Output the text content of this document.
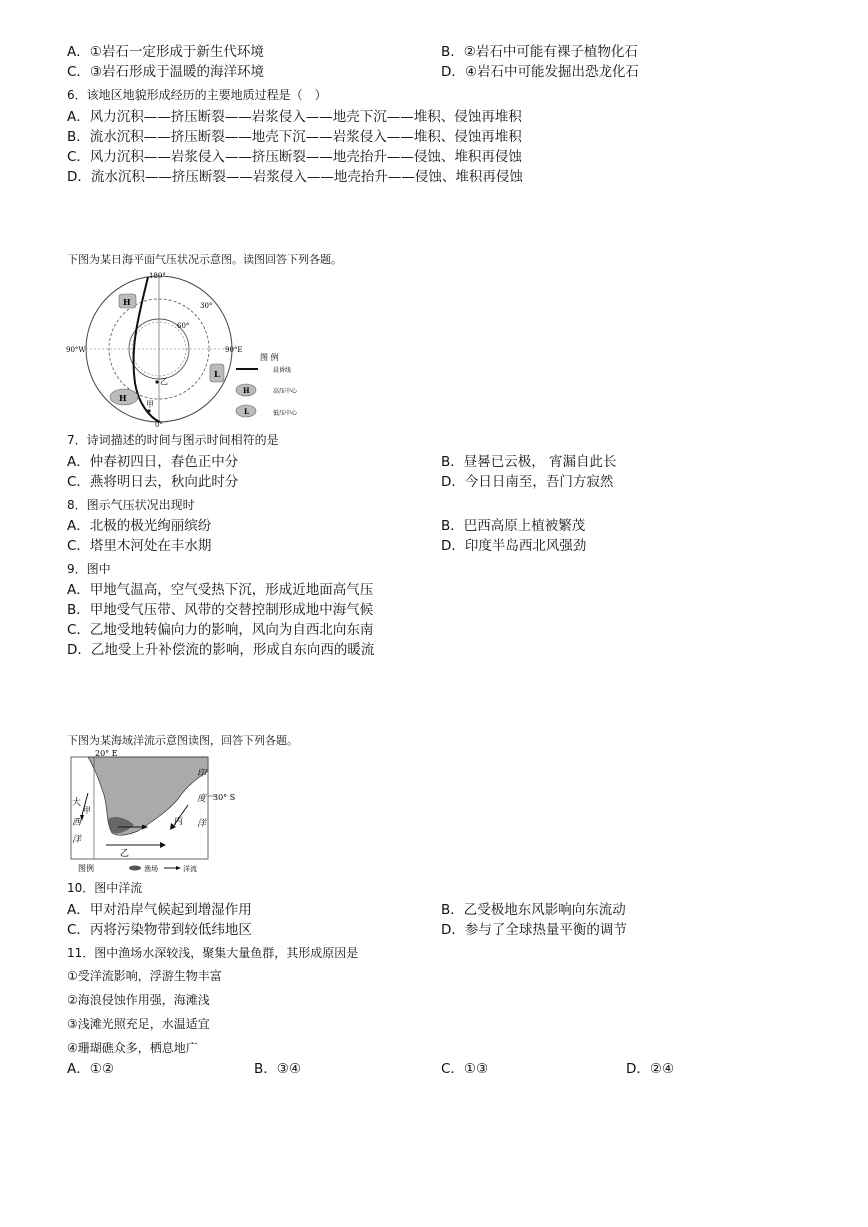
A．①岩石一定形成于新生代环境	B．②岩石中可能有裸子植物化石
C．③岩石形成于温暖的海洋环境	D．④岩石中可能发掘出恐龙化石
6．该地区地貌形成经历的主要地质过程是（　）
A．风力沉积——挤压断裂——岩浆侵入——地壳下沉——堆积、侵蚀再堆积
B．流水沉积——挤压断裂——地壳下沉——岩浆侵入——堆积、侵蚀再堆积
C．风力沉积——岩浆侵入——挤压断裂——地壳抬升——侵蚀、堆积再侵蚀
D．流水沉积——挤压断裂——岩浆侵入——地壳抬升——侵蚀、堆积再侵蚀
下图为某日海平面气压状况示意图。读图回答下列各题。
180°
0°
90°W	90°E
30°
60°
H
H
L
乙
甲
图 例
晨昏线
H	高压中心
L	低压中心
7．诗词描述的时间与图示时间相符的是
A．仲春初四日，春色正中分	B．昼晷已云极， 宵漏自此长
C．燕将明日去，秋向此时分	D．今日日南至，吾门方寂然
8．图示气压状况出现时
A．北极的极光绚丽缤纷	B．巴西高原上植被繁茂
C．塔里木河处在丰水期	D．印度半岛西北风强劲
9．图中
A．甲地气温高，空气受热下沉，形成近地面高气压
B．甲地受气压带、风带的交替控制形成地中海气候
C．乙地受地转偏向力的影响，风向为自西北向东南
D．乙地受上升补偿流的影响，形成自东向西的暖流
下图为某海域洋流示意图读图，回答下列各题。
20° E
30° S
印
度
洋
大
甲
西
洋
丙
乙
图例	渔场	洋流
10．图中洋流
A．甲对沿岸气候起到增湿作用	B．乙受极地东风影响向东流动
C．丙将污染物带到较低纬地区	D．参与了全球热量平衡的调节
11．图中渔场水深较浅，聚集大量鱼群，其形成原因是
①受洋流影响，浮游生物丰富
②海浪侵蚀作用强，海滩浅
③浅滩光照充足，水温适宜
④珊瑚礁众多，栖息地广
A．①②	B．③④	C．①③	D．②④
